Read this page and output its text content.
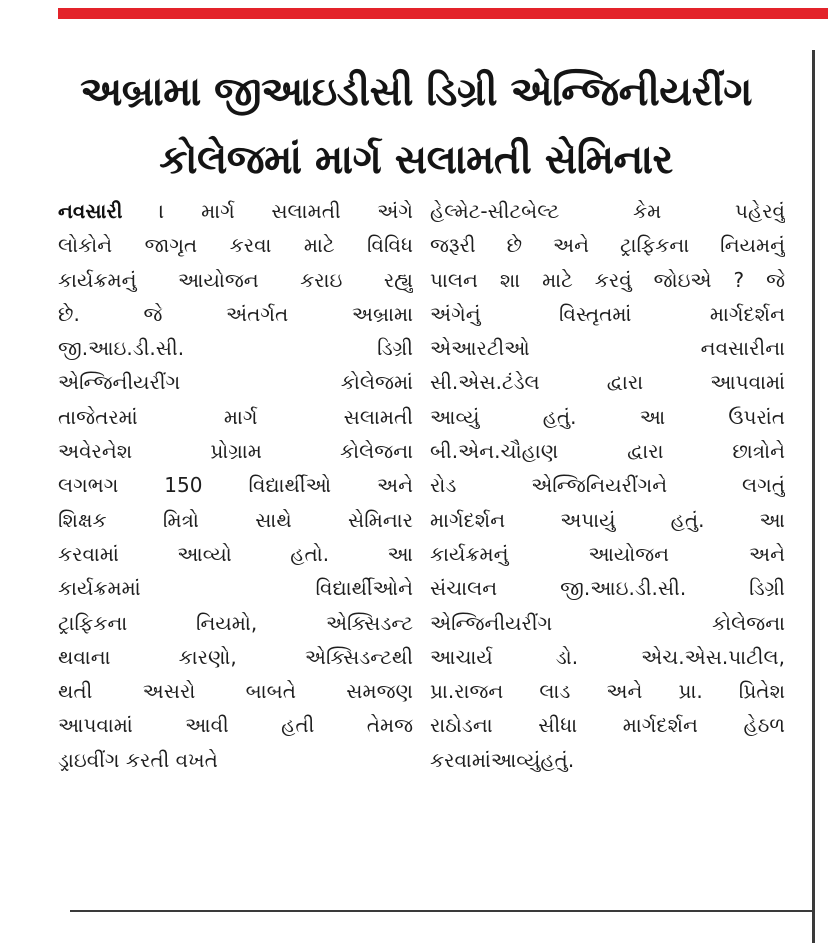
અબ્રામા જીઆઇડીસી ડિગ્રી એન્જિનીયરીંગ
કોલેજમાં માર્ગ સલામતી સેમિનાર
નવસારી । માર્ગ સલામતી અંગે
લોકોને જાગૃત કરવા માટે વિવિધ
કાર્યક્રમનું આયોજન કરાઇ રહ્યુ
છે. જે અંતર્ગત અબ્રામા
જી.આઇ.ડી.સી. ડિગ્રી
એન્જિનીયરીંગ કોલેજમાં
તાજેતરમાં માર્ગ સલામતી
અવેરનેશ પ્રોગ્રામ કોલેજના
લગભગ 150 વિદ્યાર્થીઓ અને
શિક્ષક મિત્રો સાથે સેમિનાર
કરવામાં આવ્યો હતો. આ
કાર્યક્રમમાં વિદ્યાર્થીઓને
ટ્રાફિકના નિયમો, એક્સિડન્ટ
થવાના કારણો, એક્સિડન્ટથી
થતી અસરો બાબતે સમજણ
આપવામાં આવી હતી તેમજ
ડ્રાઇવીંગ કરતી વખતે
હેલ્મેટ-સીટબેલ્ટ કેમ પહેરવું
જરૂરી છે અને ટ્રાફિકના નિયમનું
પાલન શા માટે કરવું જોઇએ ? જે
અંગેનું વિસ્તૃતમાં માર્ગદર્શન
એઆરટીઓ નવસારીના
સી.એસ.ટંડેલ દ્વારા આપવામાં
આવ્યું હતું. આ ઉપરાંત
બી.એન.ચૌહાણ દ્વારા છાત્રોને
રોડ એન્જિનિયરીંગને લગતું
માર્ગદર્શન અપાયું હતું. આ
કાર્યક્રમનું આયોજન અને
સંચાલન જી.આઇ.ડી.સી. ડિગ્રી
એન્જિનીયરીંગ કોલેજના
આચાર્ય ડો. એચ.એસ.પાટીલ,
પ્રા.રાજન લાડ અને પ્રા. પ્રિતેશ
રાઠોડના સીધા માર્ગદર્શન હેઠળ
કરવામાંઆવ્યુંહતું.
